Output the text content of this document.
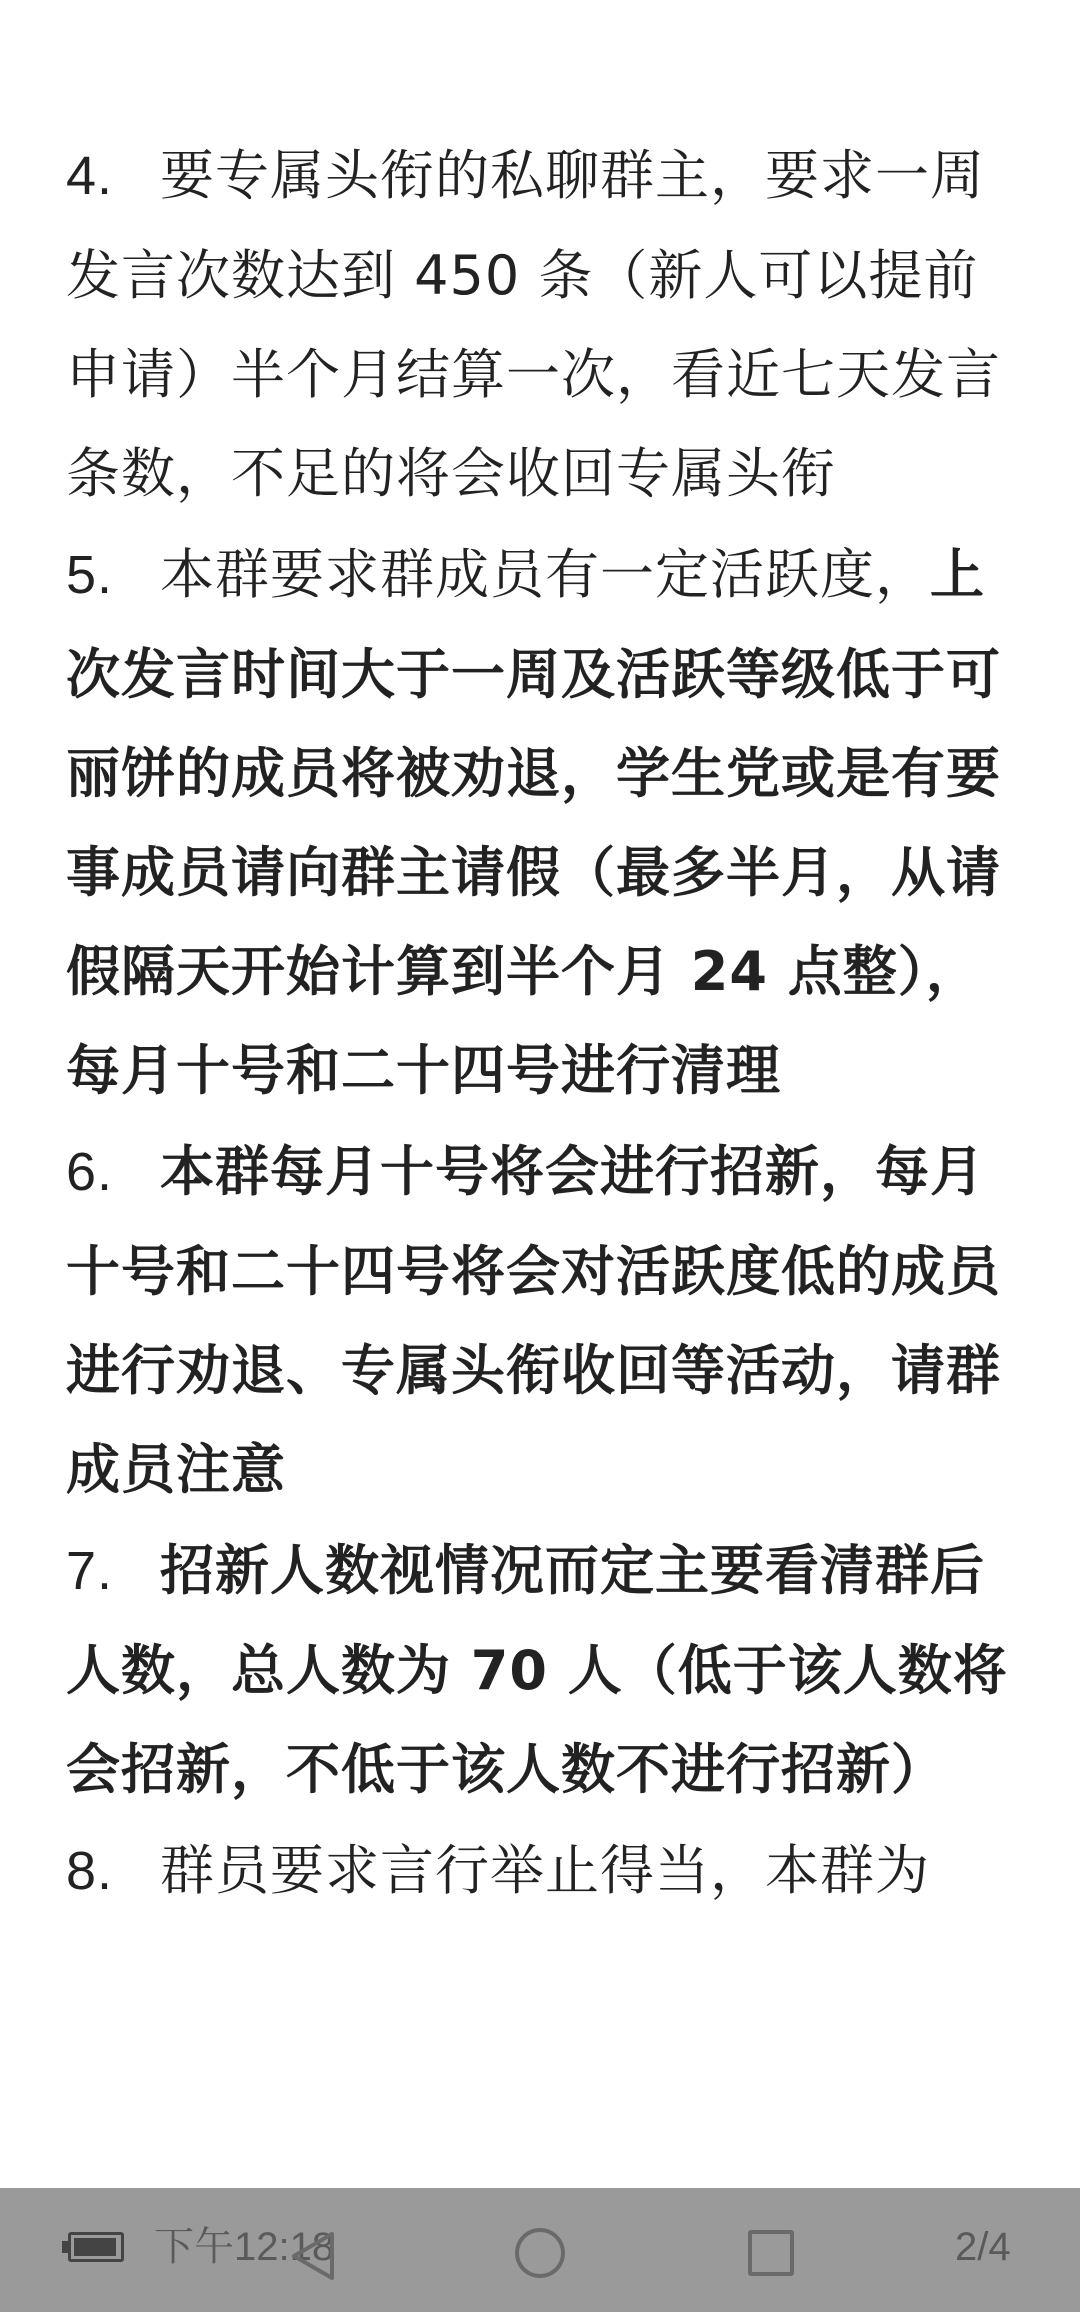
4. 要专属头衔的私聊群主，要求一周发言次数达到 450 条（新人可以提前申请）半个月结算一次，看近七天发言条数，不足的将会收回专属头衔

5. 本群要求群成员有一定活跃度，上次发言时间大于一周及活跃等级低于可丽饼的成员将被劝退，学生党或是有要事成员请向群主请假（最多半月，从请假隔天开始计算到半个月 24 点整），每月十号和二十四号进行清理

6. 本群每月十号将会进行招新，每月十号和二十四号将会对活跃度低的成员进行劝退、专属头衔收回等活动，请群成员注意

7. 招新人数视情况而定主要看清群后人数，总人数为 70 人（低于该人数将会招新，不低于该人数不进行招新）

8. 群员要求言行举止得当，本群为

下午12:18	2/4
